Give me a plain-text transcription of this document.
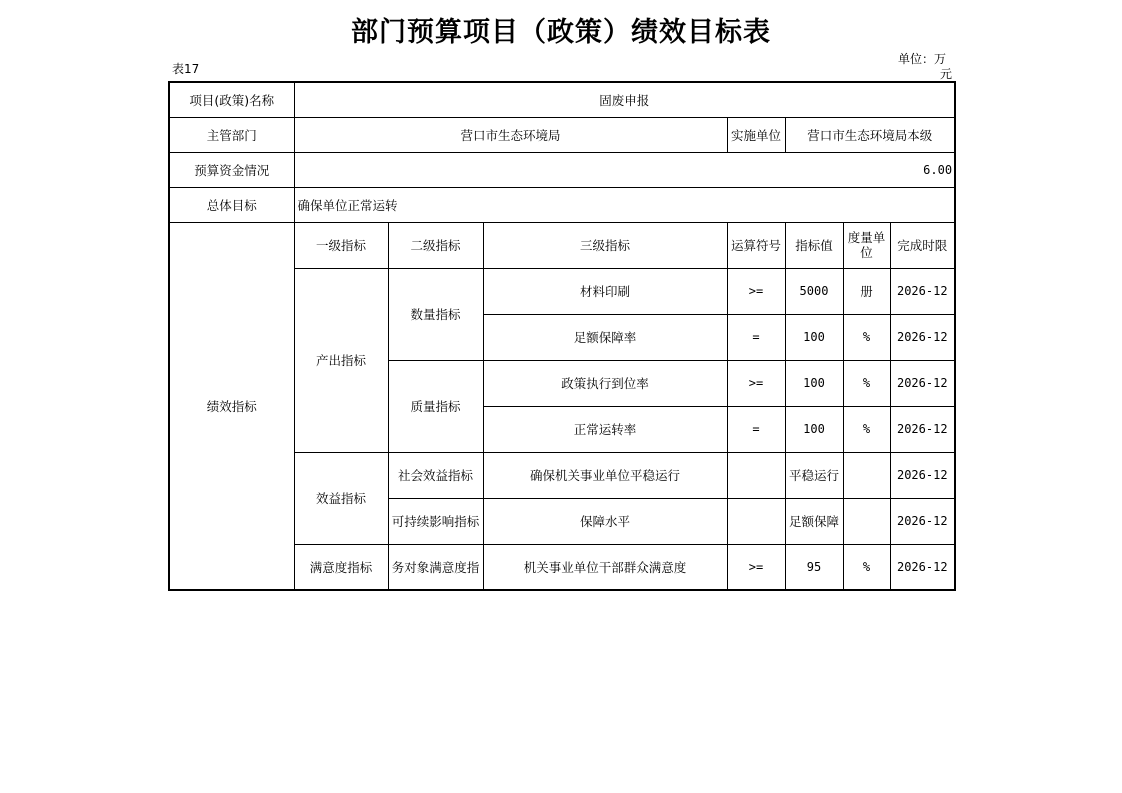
部门预算项目（政策）绩效目标表
表17
单位：万
元
项目(政策)名称	固废申报						
主管部门	营口市生态环境局			实施单位	营口市生态环境局本级		
预算资金情况	6.00						
总体目标	确保单位正常运转						
绩效指标	一级指标	二级指标	三级指标	运算符号	指标值	度量单位	完成时限
	产出指标	数量指标	材料印刷	>=	5000	册	2026-12
			足额保障率	=	100	%	2026-12
		质量指标	政策执行到位率	>=	100	%	2026-12
			正常运转率	=	100	%	2026-12
	效益指标	社会效益指标	确保机关事业单位平稳运行		平稳运行		2026-12
		可持续影响指标	保障水平		足额保障		2026-12
	满意度指标	务对象满意度指	机关事业单位干部群众满意度	>=	95	%	2026-12
